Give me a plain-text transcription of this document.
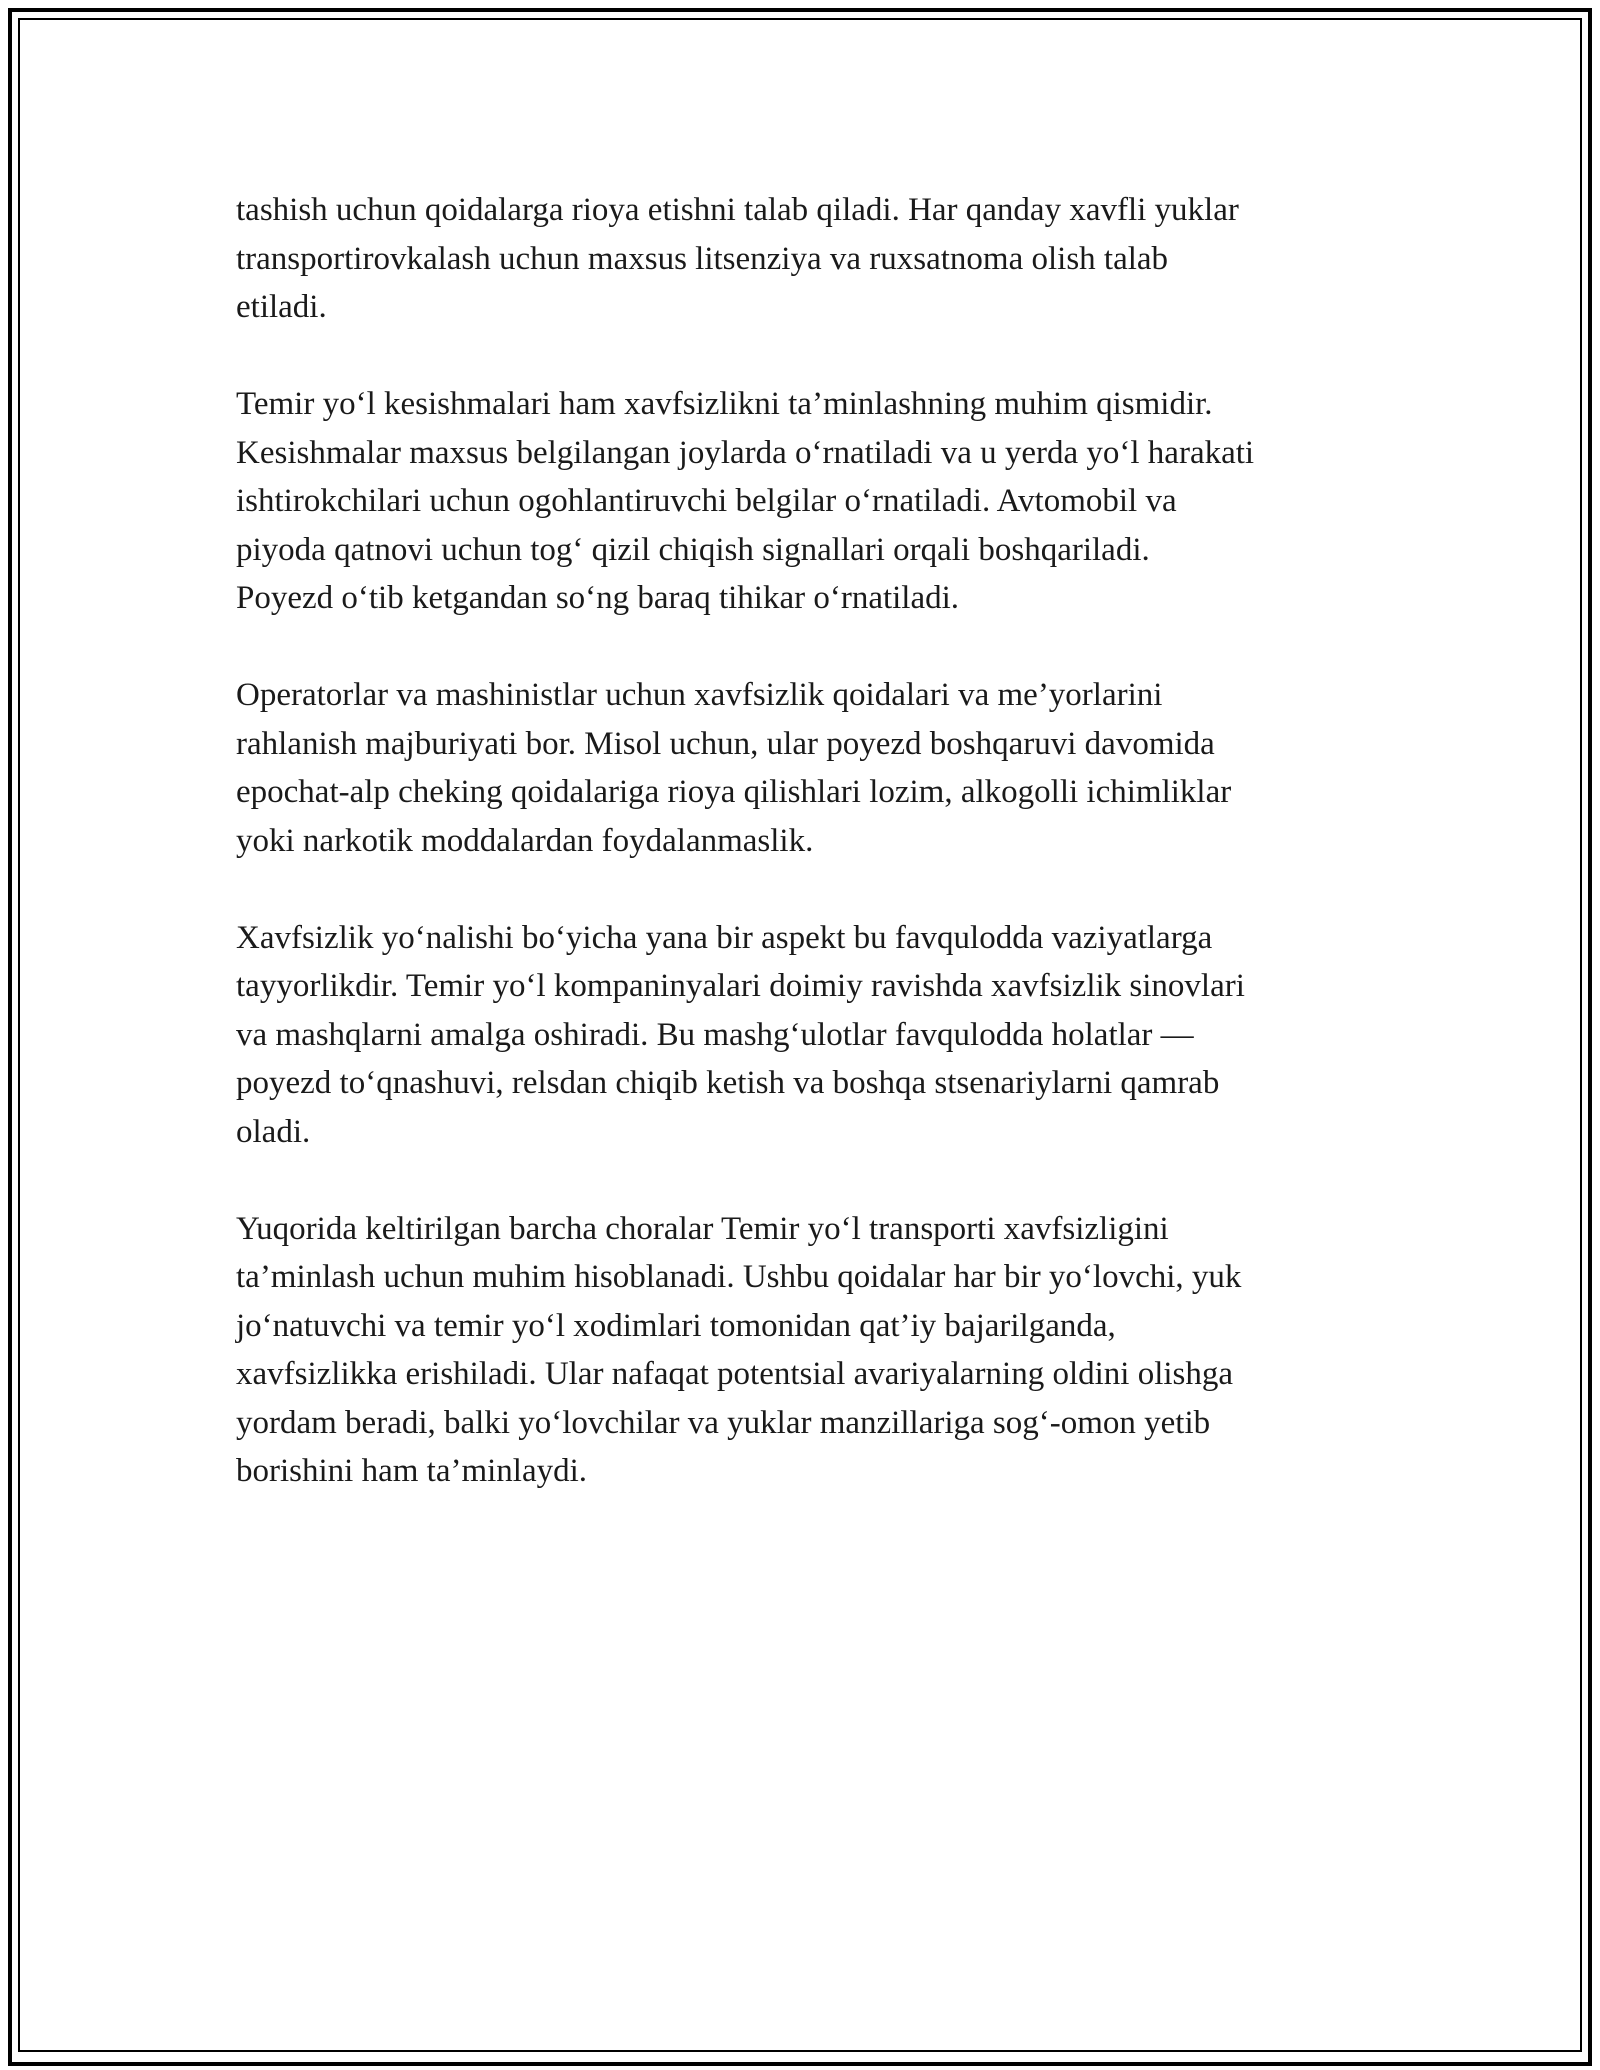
tashish uchun qoidalarga rioya etishni talab qiladi. Har qanday xavfli yuklar
transportirovkalash uchun maxsus litsenziya va ruxsatnoma olish talab
etiladi.

Temir yo‘l kesishmalari ham xavfsizlikni ta’minlashning muhim qismidir.
Kesishmalar maxsus belgilangan joylarda o‘rnatiladi va u yerda yo‘l harakati
ishtirokchilari uchun ogohlantiruvchi belgilar o‘rnatiladi. Avtomobil va
piyoda qatnovi uchun tog‘ qizil chiqish signallari orqali boshqariladi.
Poyezd o‘tib ketgandan so‘ng baraq tihikar o‘rnatiladi.

Operatorlar va mashinistlar uchun xavfsizlik qoidalari va me’yorlarini
rahlanish majburiyati bor. Misol uchun, ular poyezd boshqaruvi davomida
epochat-alp cheking qoidalariga rioya qilishlari lozim, alkogolli ichimliklar
yoki narkotik moddalardan foydalanmaslik.

Xavfsizlik yo‘nalishi bo‘yicha yana bir aspekt bu favqulodda vaziyatlarga
tayyorlikdir. Temir yo‘l kompaninyalari doimiy ravishda xavfsizlik sinovlari
va mashqlarni amalga oshiradi. Bu mashg‘ulotlar favqulodda holatlar —
poyezd to‘qnashuvi, relsdan chiqib ketish va boshqa stsenariylarni qamrab
oladi.

Yuqorida keltirilgan barcha choralar Temir yo‘l transporti xavfsizligini
ta’minlash uchun muhim hisoblanadi. Ushbu qoidalar har bir yo‘lovchi, yuk
jo‘natuvchi va temir yo‘l xodimlari tomonidan qat’iy bajarilganda,
xavfsizlikka erishiladi. Ular nafaqat potentsial avariyalarning oldini olishga
yordam beradi, balki yo‘lovchilar va yuklar manzillariga sog‘-omon yetib
borishini ham ta’minlaydi.
